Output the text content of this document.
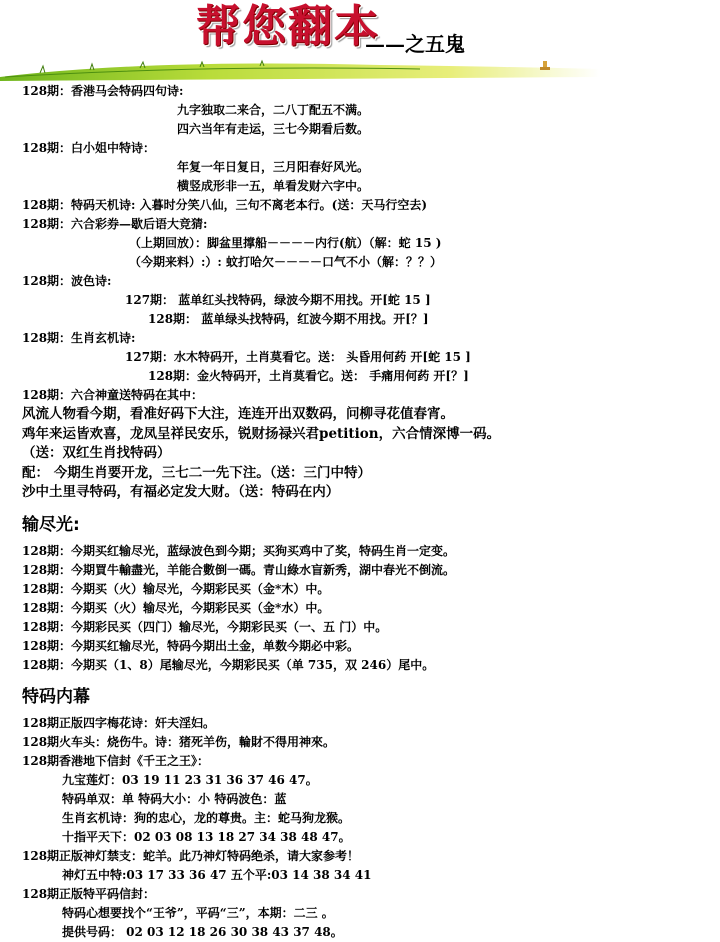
帮您翻本
——之五鬼
128期：香港马会特码四句诗:
九字独取二来合，二八丁配五不满。
四六当年有走运，三七今期看后数。
128期：白小姐中特诗：
年复一年日复日，三月阳春好风光。
横竖成形非一五，单看发财六字中。
128期：特码天机诗: 入暮时分笑八仙，三句不离老本行。(送：天马行空去)
128期：六合彩券—歇后语大竞猜:
（上期回放）：脚盆里撑船－－－－内行(航）（解：蛇 15 )
（今期来料）:）: 蚊打哈欠－－－－口气不小（解：？？）
128期：波色诗:
127期： 蓝单红头找特码，绿波今期不用找。开[蛇 15 ]
128期： 蓝单绿头找特码，红波今期不用找。开[？]
128期：生肖玄机诗:
127期：水木特码开，土肖莫看它。送： 头昏用何药 开[蛇 15 ]
128期：金火特码开，土肖莫看它。送： 手痛用何药 开[？]
128期：六合神童送特码在其中：
风流人物看今期，看准好码下大注，连连开出双数码，问柳寻花值春宵。
鸡年来运皆欢喜，龙凤呈祥民安乐，锐财扬禄兴君petition，六合情深博一码。
（送：双红生肖找特码）
配： 今期生肖要开龙，三七二一先下注。（送：三门中特）
沙中土里寻特码，有福必定发大财。（送：特码在内）
输尽光:
128期：今期买红输尽光，蓝绿波色到今期；买狗买鸡中了奖，特码生肖一定变。
128期：今期買牛輸盡光，羊能合數倒一碼。青山綠水盲新秀，湖中春光不倒流。
128期：今期买（火）输尽光，今期彩民买（金*木）中。
128期：今期买（火）输尽光，今期彩民买（金*水）中。
128期：今期彩民买（四门）输尽光，今期彩民买（一、五 门）中。
128期：今期买红输尽光，特码今期出土金，单数今期必中彩。
128期：今期买（1、8）尾输尽光，今期彩民买（单 735，双 246）尾中。
特码内幕
128期正版四字梅花诗：奸夫淫妇。
128期火车头：烧伤牛。诗：猪死羊伤，輪財不得用神來。
128期香港地下信封《千王之王》：
九宝莲灯：03 19 11 23 31 36 37 46 47。
特码单双：单 特码大小：小 特码波色：蓝
生肖玄机诗：狗的忠心，龙的尊贵。主：蛇马狗龙猴。
十指平天下：02 03 08 13 18 27 34 38 48 47。
128期正版神灯禁支：蛇羊。此乃神灯特码绝杀，请大家参考！
神灯五中特:03 17 33 36 47 五个平:03 14 38 34 41
128期正版特平码信封：
特码心想要找个“王爷”，平码“三”，本期：二三 。
提供号码： 02 03 12 18 26 30 38 43 37 48。
